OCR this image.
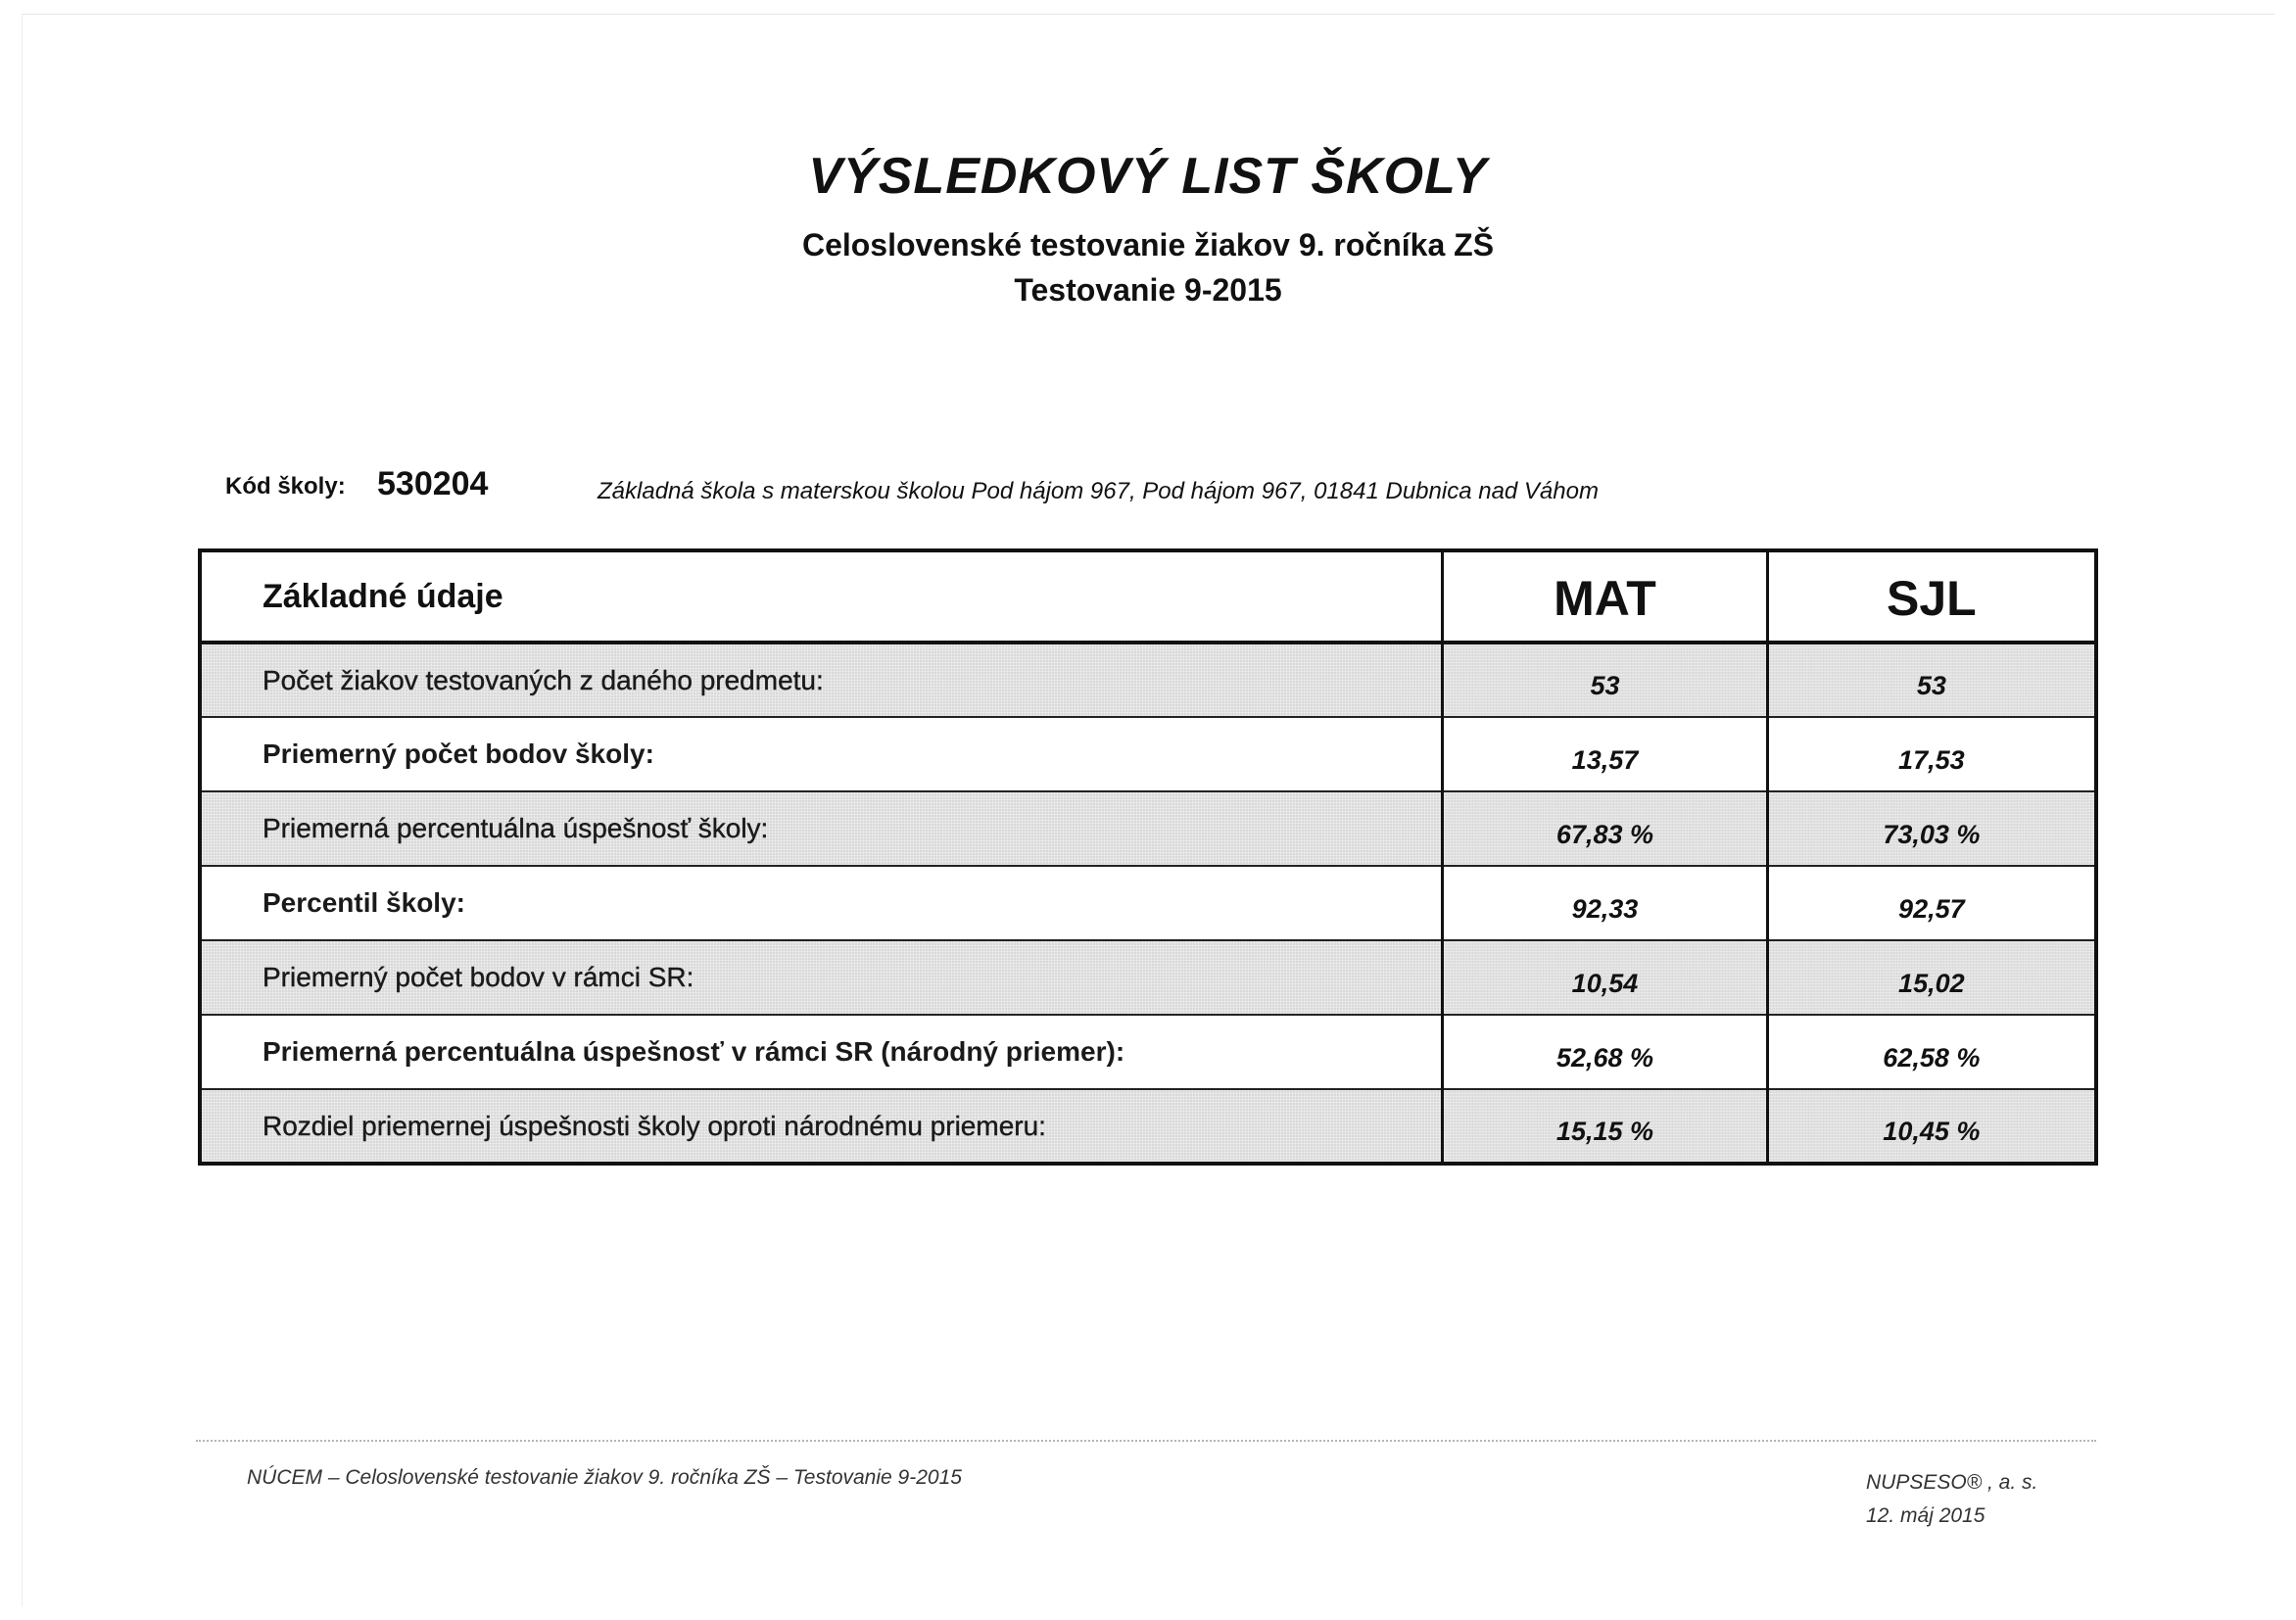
VÝSLEDKOVÝ LIST ŠKOLY
Celoslovenské testovanie žiakov 9. ročníka ZŠ
Testovanie 9-2015
Kód školy: 530204	Základná škola s materskou školou Pod hájom 967, Pod hájom 967, 01841 Dubnica nad Váhom
Základné údaje	MAT	SJL
Počet žiakov testovaných z daného predmetu:	53	53
Priemerný počet bodov školy:	13,57	17,53
Priemerná percentuálna úspešnosť školy:	67,83 %	73,03 %
Percentil školy:	92,33	92,57
Priemerný počet bodov v rámci SR:	10,54	15,02
Priemerná percentuálna úspešnosť v rámci SR (národný priemer):	52,68 %	62,58 %
Rozdiel priemernej úspešnosti školy oproti národnému priemeru:	15,15 %	10,45 %
NÚCEM – Celoslovenské testovanie žiakov 9. ročníka ZŠ – Testovanie 9-2015	NUPSESO® , a. s.
12. máj 2015
